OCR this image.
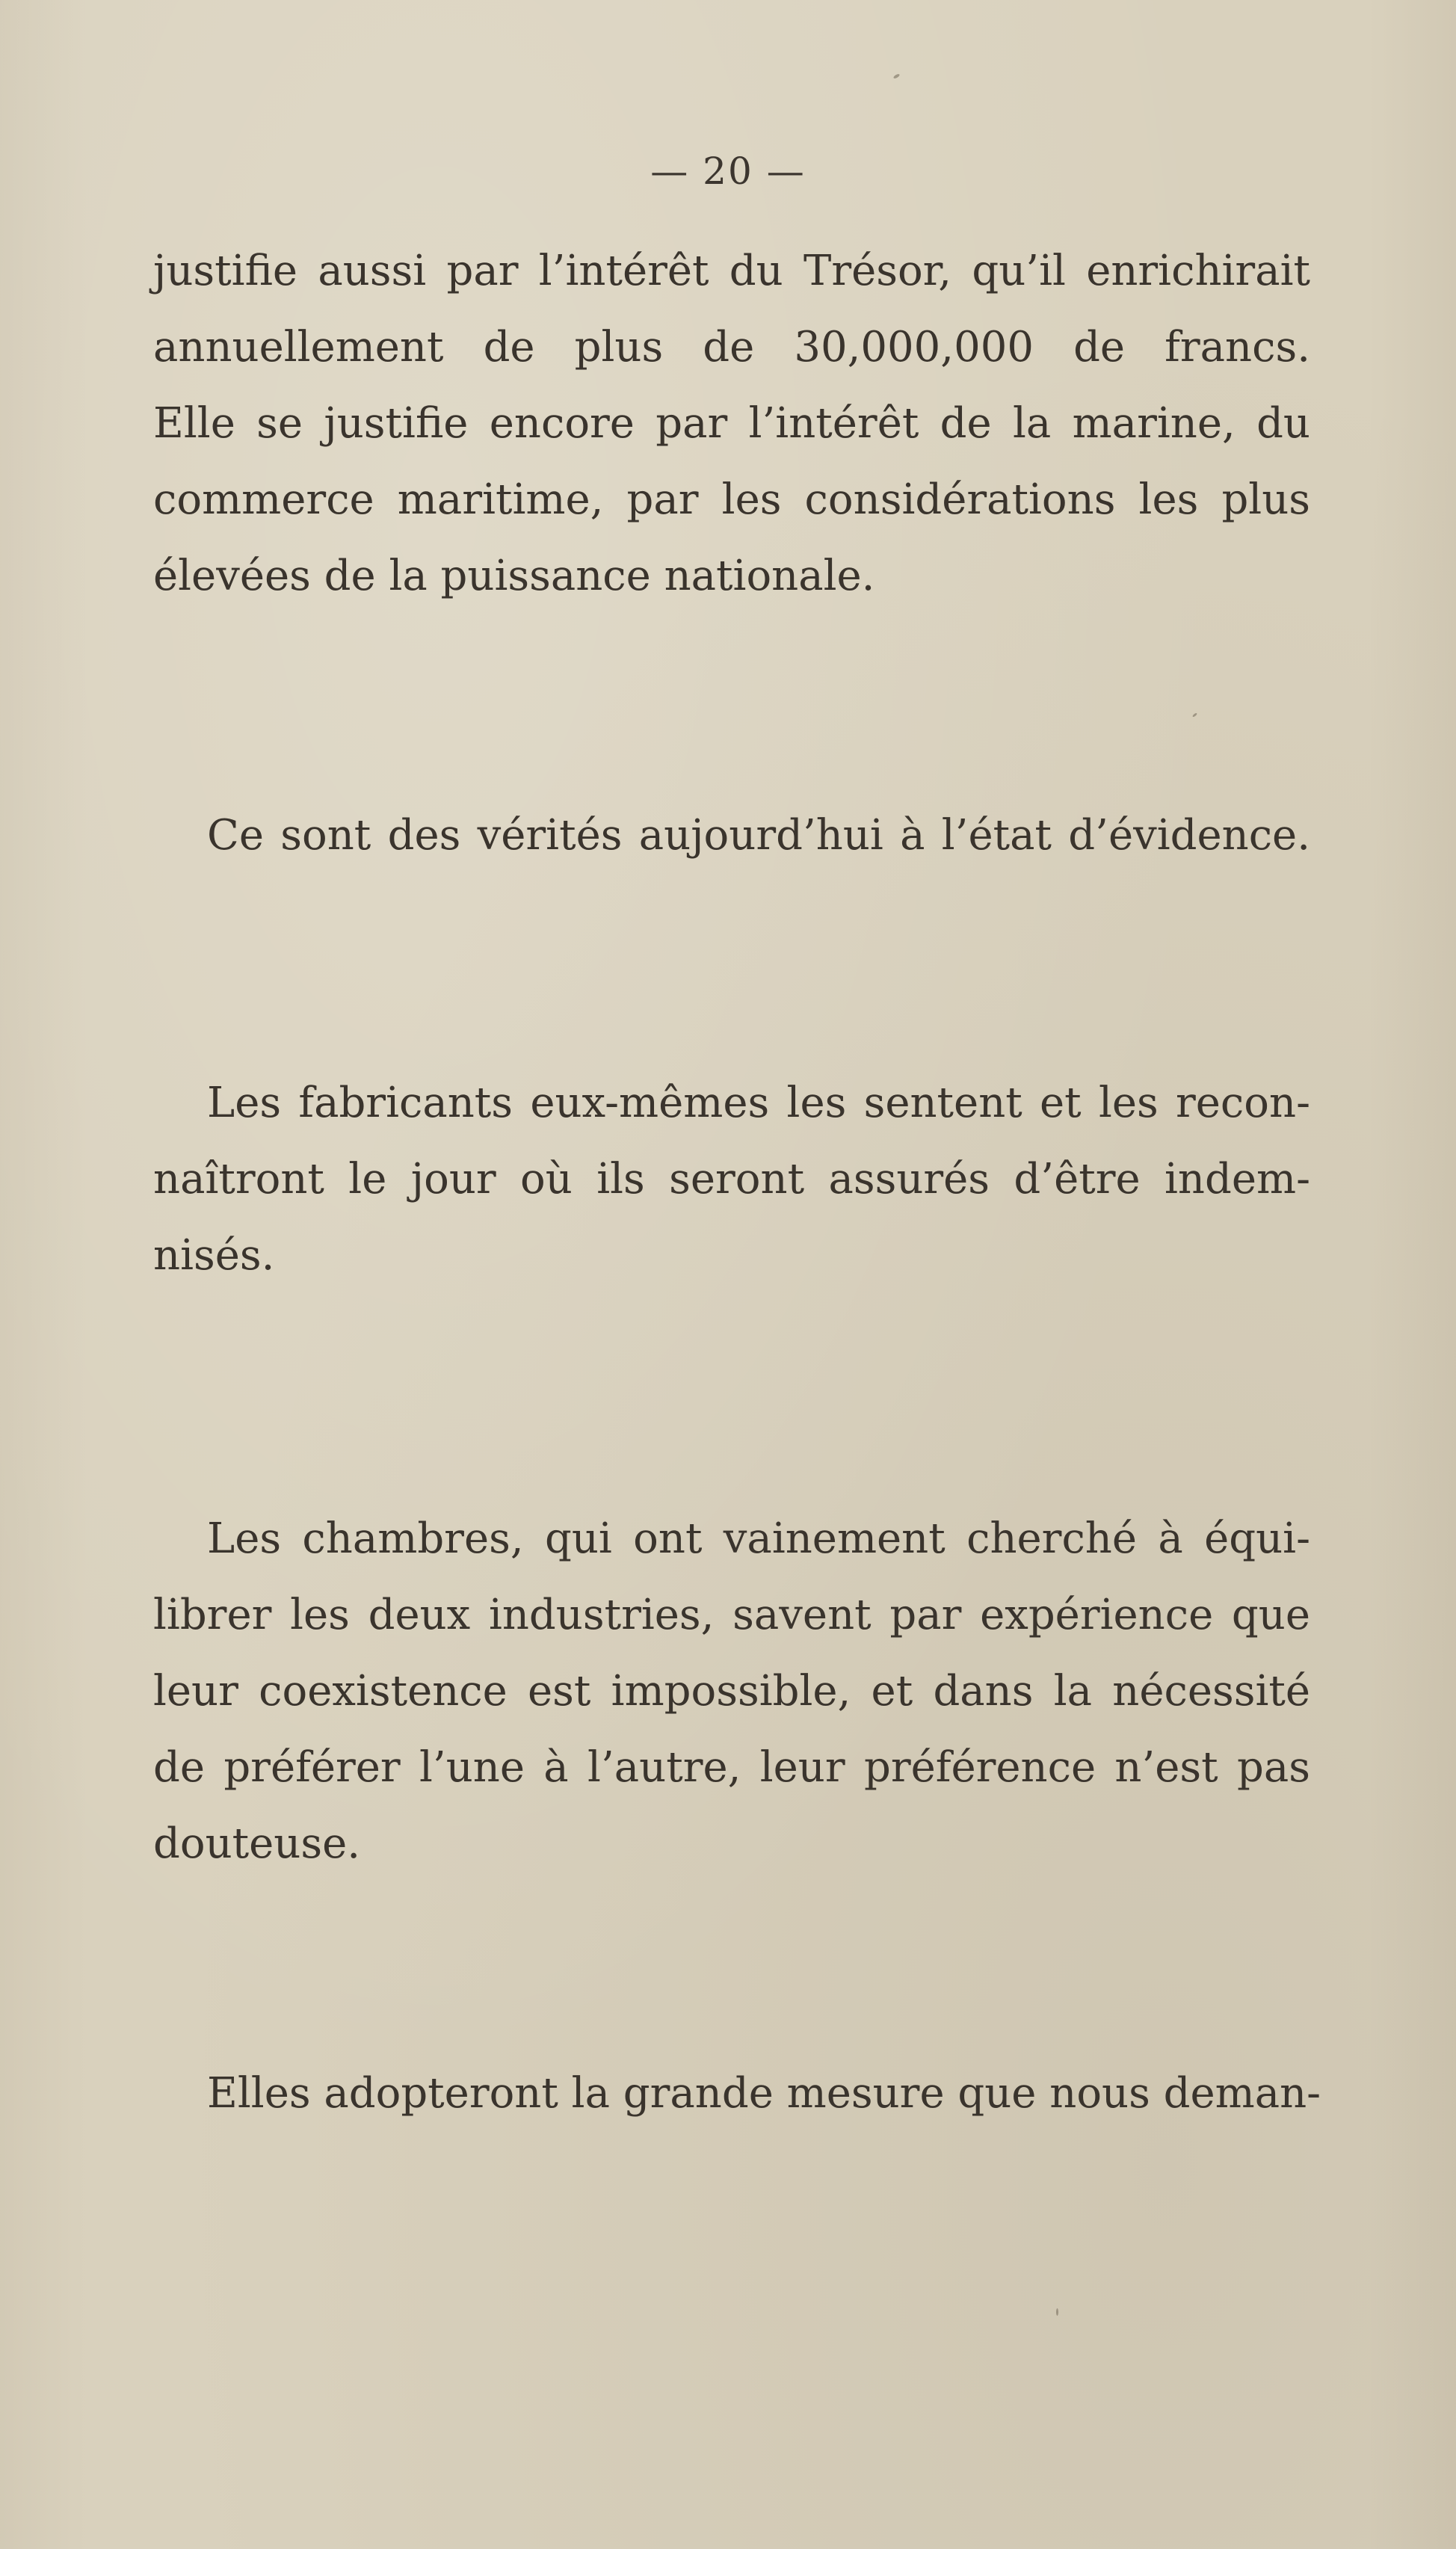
— 20 —
justifie aussi par l’intérêt du Trésor, qu’il enrichirait
annuellement de plus de 30,000,000 de francs.
Elle se justifie encore par l’intérêt de la marine, du
commerce maritime, par les considérations les plus
élevées de la puissance nationale.
Ce sont des vérités aujourd’hui à l’état d’évidence.
Les fabricants eux-mêmes les sentent et les recon-
naîtront le jour où ils seront assurés d’être indem-
nisés.
Les chambres, qui ont vainement cherché à équi-
librer les deux industries, savent par expérience que
leur coexistence est impossible, et dans la nécessité
de préférer l’une à l’autre, leur préférence n’est pas
douteuse.
Elles adopteront la grande mesure que nous deman-
